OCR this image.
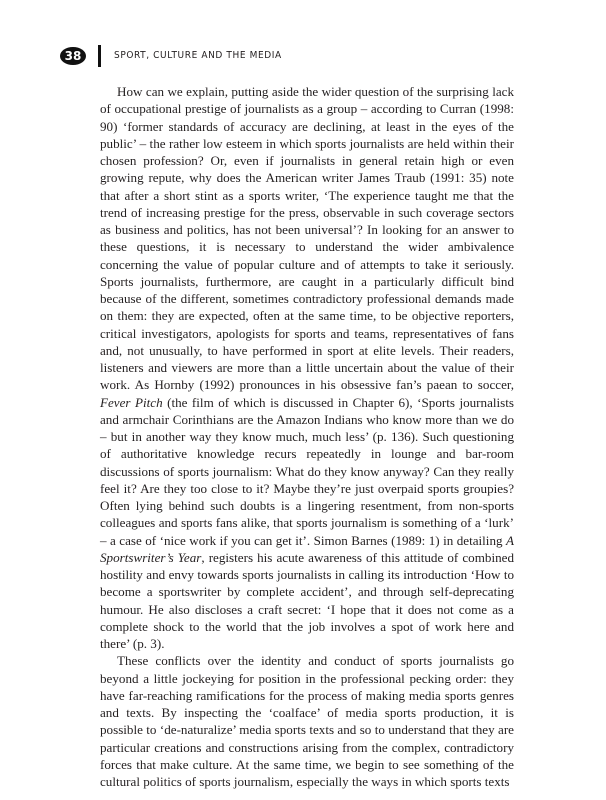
38	SPORT, CULTURE AND THE MEDIA

How can we explain, putting aside the wider question of the surprising lack of occupational prestige of journalists as a group – according to Curran (1998: 90) ‘former standards of accuracy are declining, at least in the eyes of the public’ – the rather low esteem in which sports journalists are held within their chosen profession? Or, even if journalists in general retain high or even growing repute, why does the American writer James Traub (1991: 35) note that after a short stint as a sports writer, ‘The experience taught me that the trend of increasing prestige for the press, observable in such coverage sectors as business and politics, has not been universal’? In looking for an answer to these questions, it is necessary to understand the wider ambivalence concerning the value of popular culture and of attempts to take it seriously. Sports journalists, furthermore, are caught in a particularly difficult bind because of the different, sometimes contradictory professional demands made on them: they are expected, often at the same time, to be objective reporters, critical investigators, apologists for sports and teams, representatives of fans and, not unusually, to have performed in sport at elite levels. Their readers, listeners and viewers are more than a little uncertain about the value of their work. As Hornby (1992) pronounces in his obsessive fan’s paean to soccer, Fever Pitch (the film of which is discussed in Chapter 6), ‘Sports journalists and armchair Corinthians are the Amazon Indians who know more than we do – but in another way they know much, much less’ (p. 136). Such questioning of authoritative knowledge recurs repeatedly in lounge and bar-room discussions of sports journalism: What do they know anyway? Can they really feel it? Are they too close to it? Maybe they’re just overpaid sports groupies? Often lying behind such doubts is a lingering resentment, from non-sports colleagues and sports fans alike, that sports journalism is something of a ‘lurk’ – a case of ‘nice work if you can get it’. Simon Barnes (1989: 1) in detailing A Sportswriter’s Year, registers his acute awareness of this attitude of combined hostility and envy towards sports journalists in calling its introduction ‘How to become a sportswriter by complete accident’, and through self-deprecating humour. He also discloses a craft secret: ‘I hope that it does not come as a complete shock to the world that the job involves a spot of work here and there’ (p. 3).

These conflicts over the identity and conduct of sports journalists go beyond a little jockeying for position in the professional pecking order: they have far-reaching ramifications for the process of making media sports genres and texts. By inspecting the ‘coalface’ of media sports production, it is possible to ‘de-naturalize’ media sports texts and so to understand that they are particular creations and constructions arising from the complex, contradictory forces that make culture. At the same time, we begin to see something of the cultural politics of sports journalism, especially the ways in which sports texts
